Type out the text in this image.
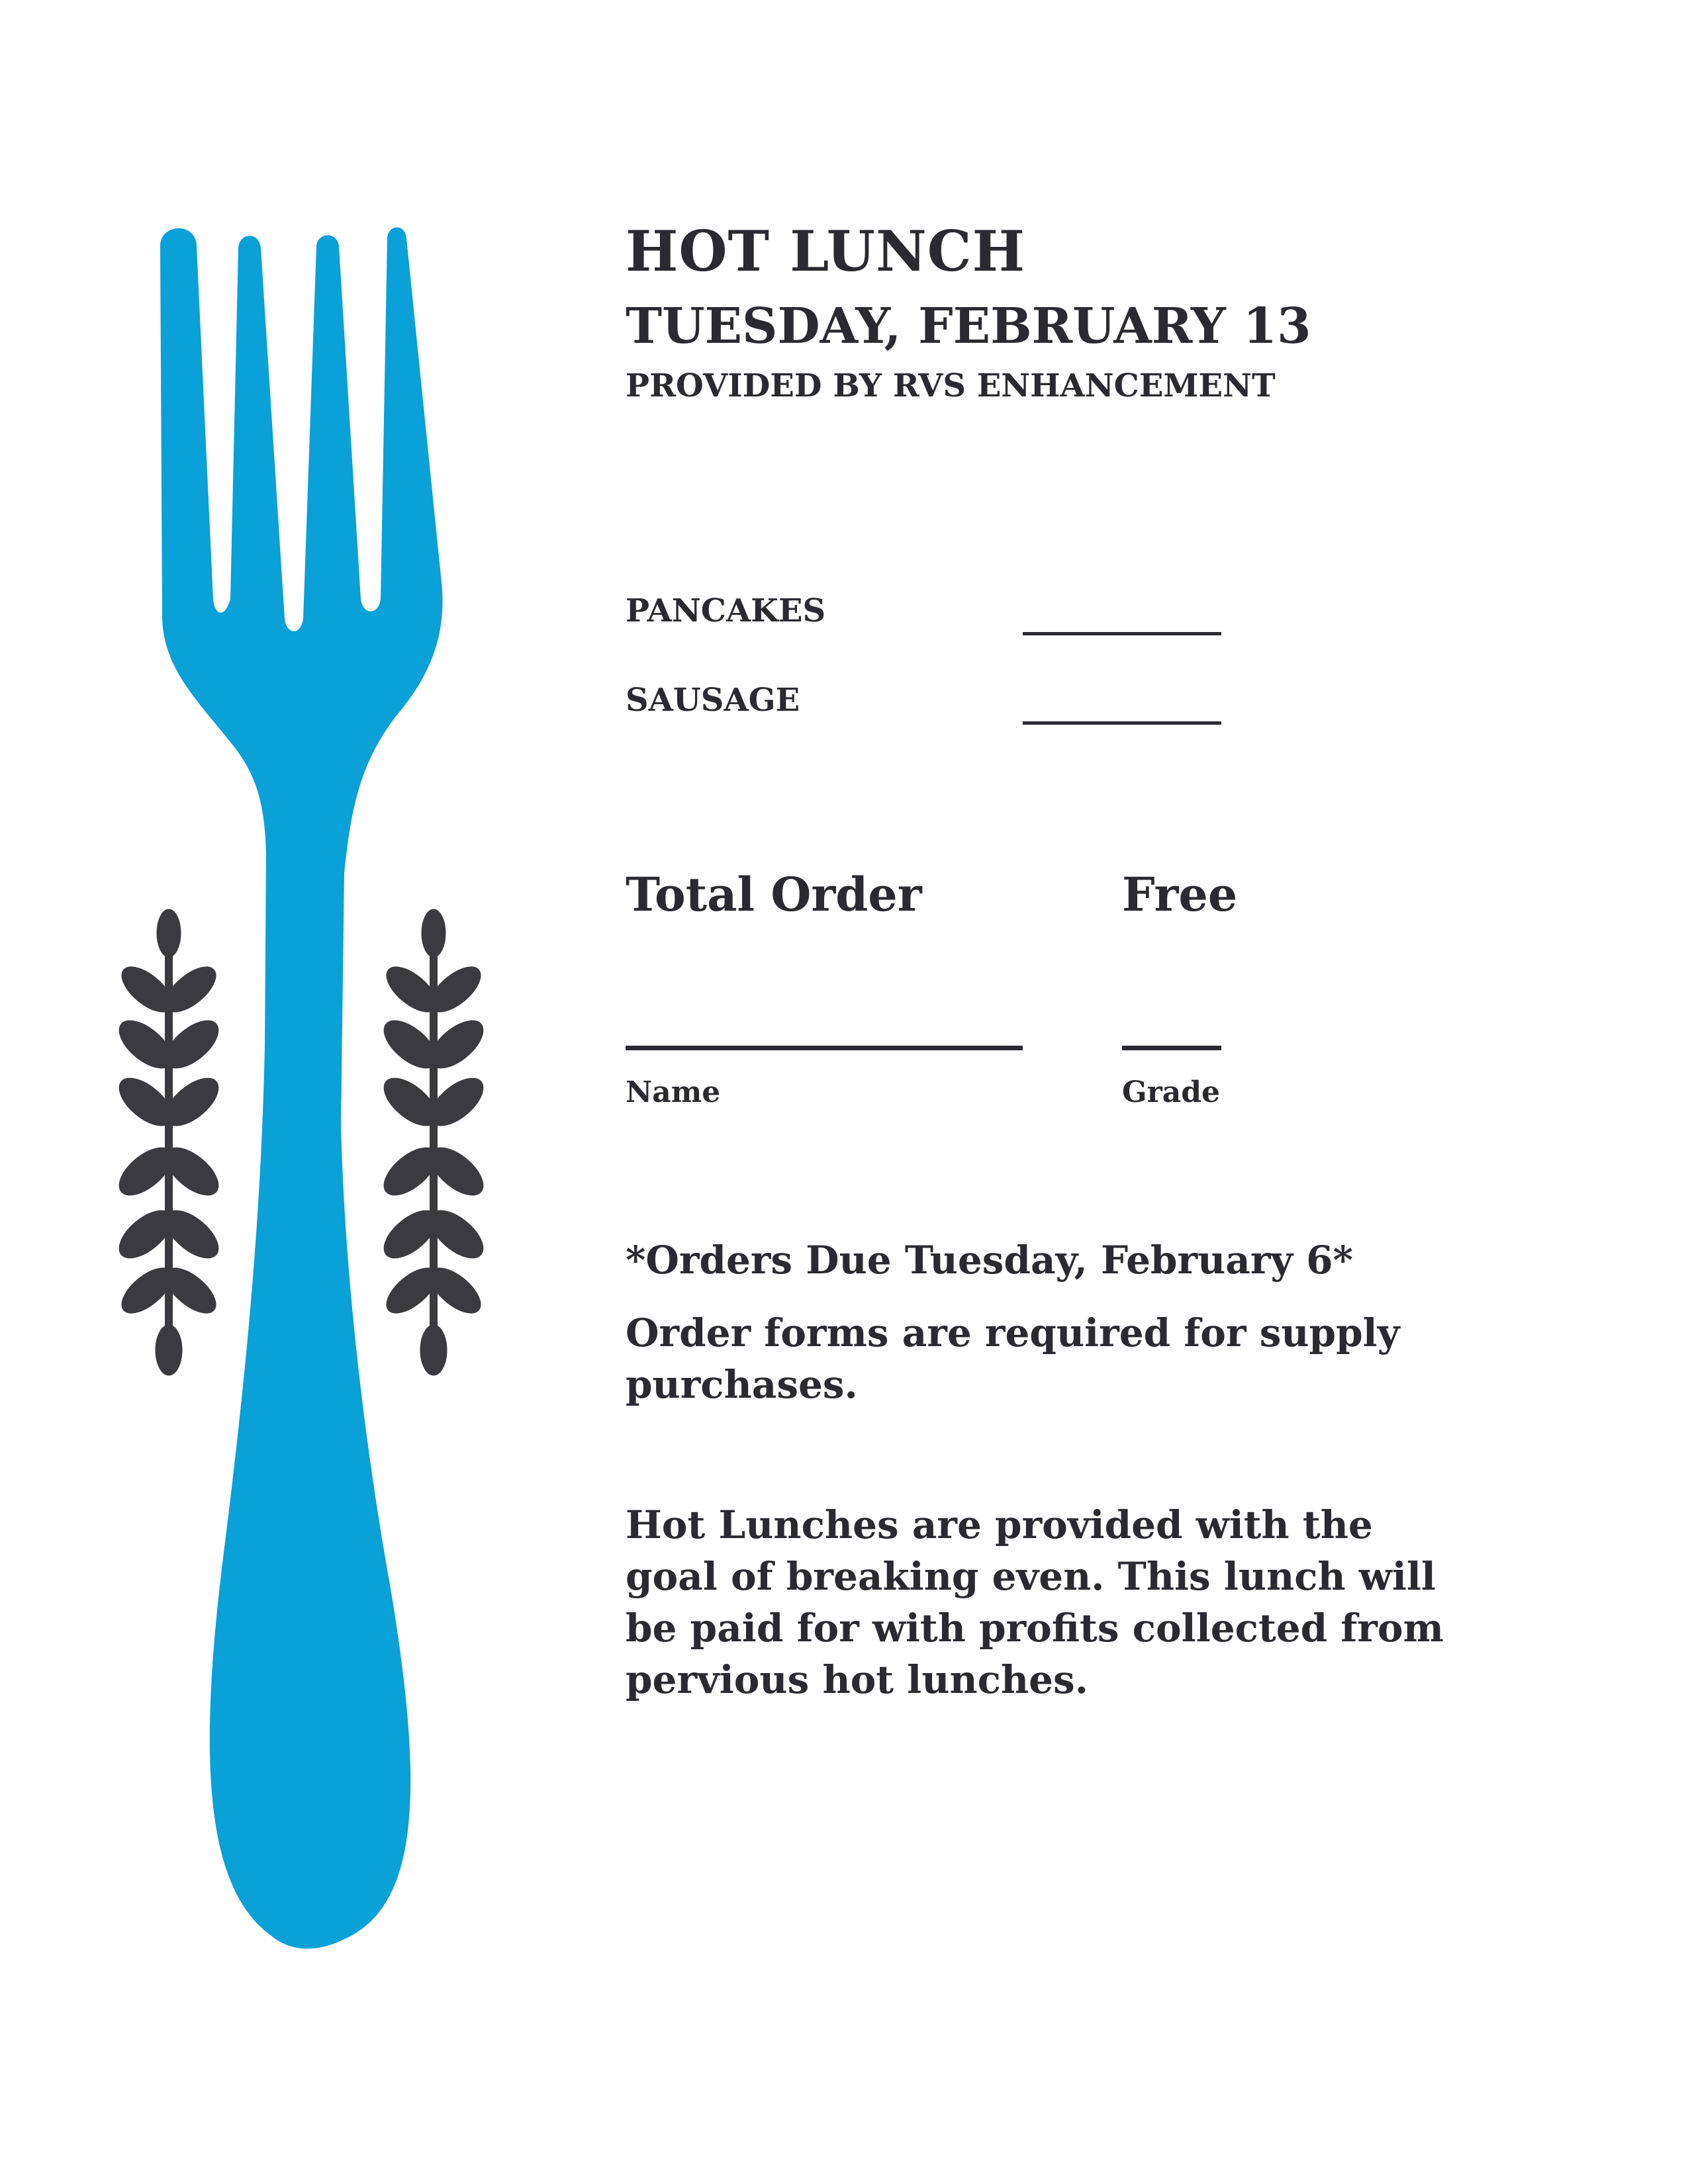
HOT LUNCH
TUESDAY, FEBRUARY 13
PROVIDED BY RVS ENHANCEMENT
PANCAKES
SAUSAGE
Total Order	Free
Name	Grade
*Orders Due Tuesday, February 6*

Order forms are required for supply
purchases.

Hot Lunches are provided with the
goal of breaking even. This lunch will
be paid for with profits collected from
pervious hot lunches.
